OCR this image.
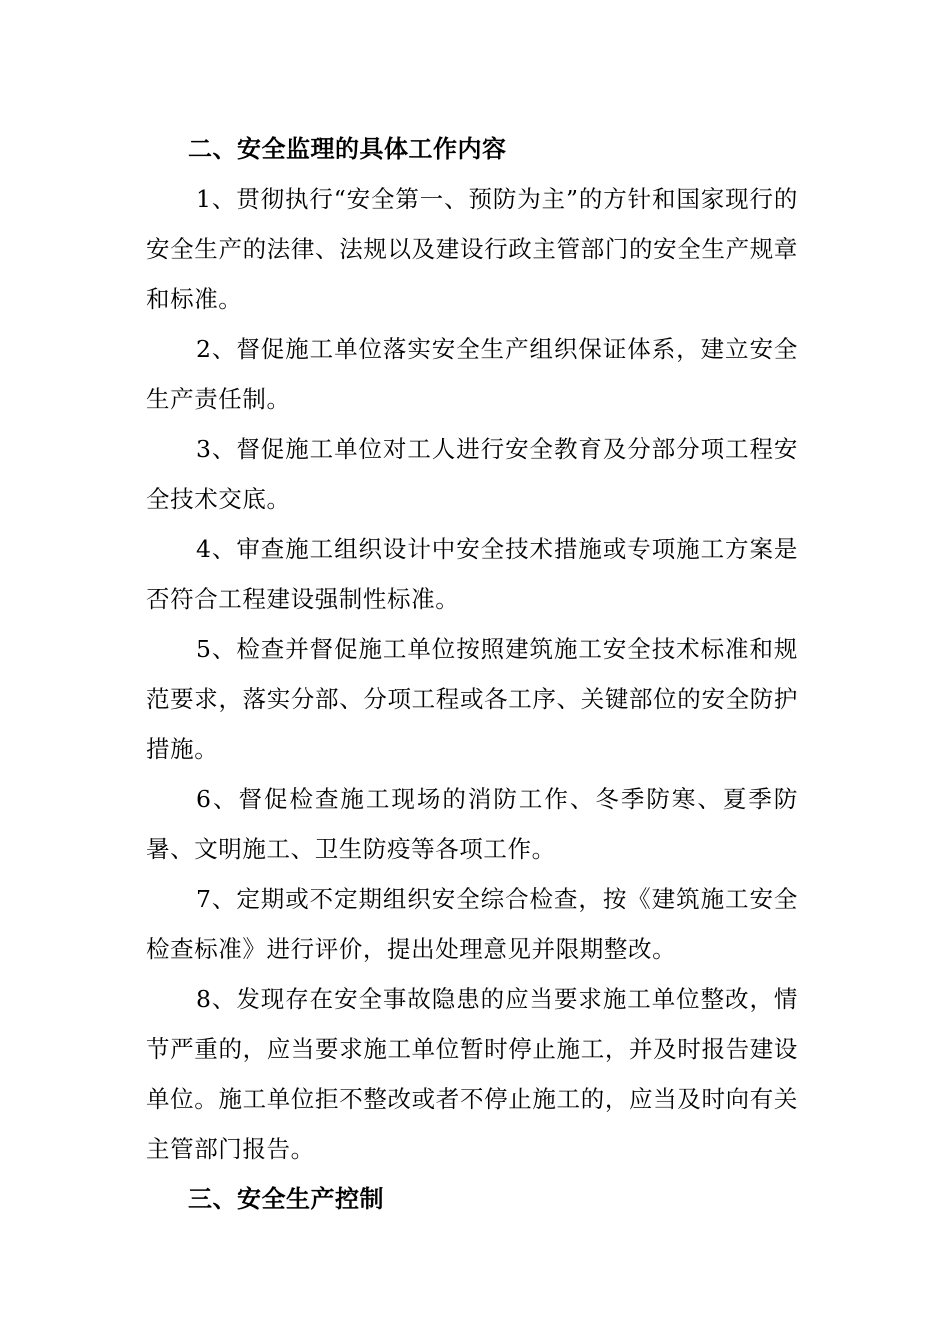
二、安全监理的具体工作内容

1、贯彻执行“安全第一、预防为主”的方针和国家现行的安全生产的法律、法规以及建设行政主管部门的安全生产规章和标准。

2、督促施工单位落实安全生产组织保证体系，建立安全生产责任制。

3、督促施工单位对工人进行安全教育及分部分项工程安全技术交底。

4、审查施工组织设计中安全技术措施或专项施工方案是否符合工程建设强制性标准。

5、检查并督促施工单位按照建筑施工安全技术标准和规范要求，落实分部、分项工程或各工序、关键部位的安全防护措施。

6、督促检查施工现场的消防工作、冬季防寒、夏季防暑、文明施工、卫生防疫等各项工作。

7、定期或不定期组织安全综合检查，按《建筑施工安全检查标准》进行评价，提出处理意见并限期整改。

8、发现存在安全事故隐患的应当要求施工单位整改，情节严重的，应当要求施工单位暂时停止施工，并及时报告建设单位。施工单位拒不整改或者不停止施工的，应当及时向有关主管部门报告。

三、安全生产控制
